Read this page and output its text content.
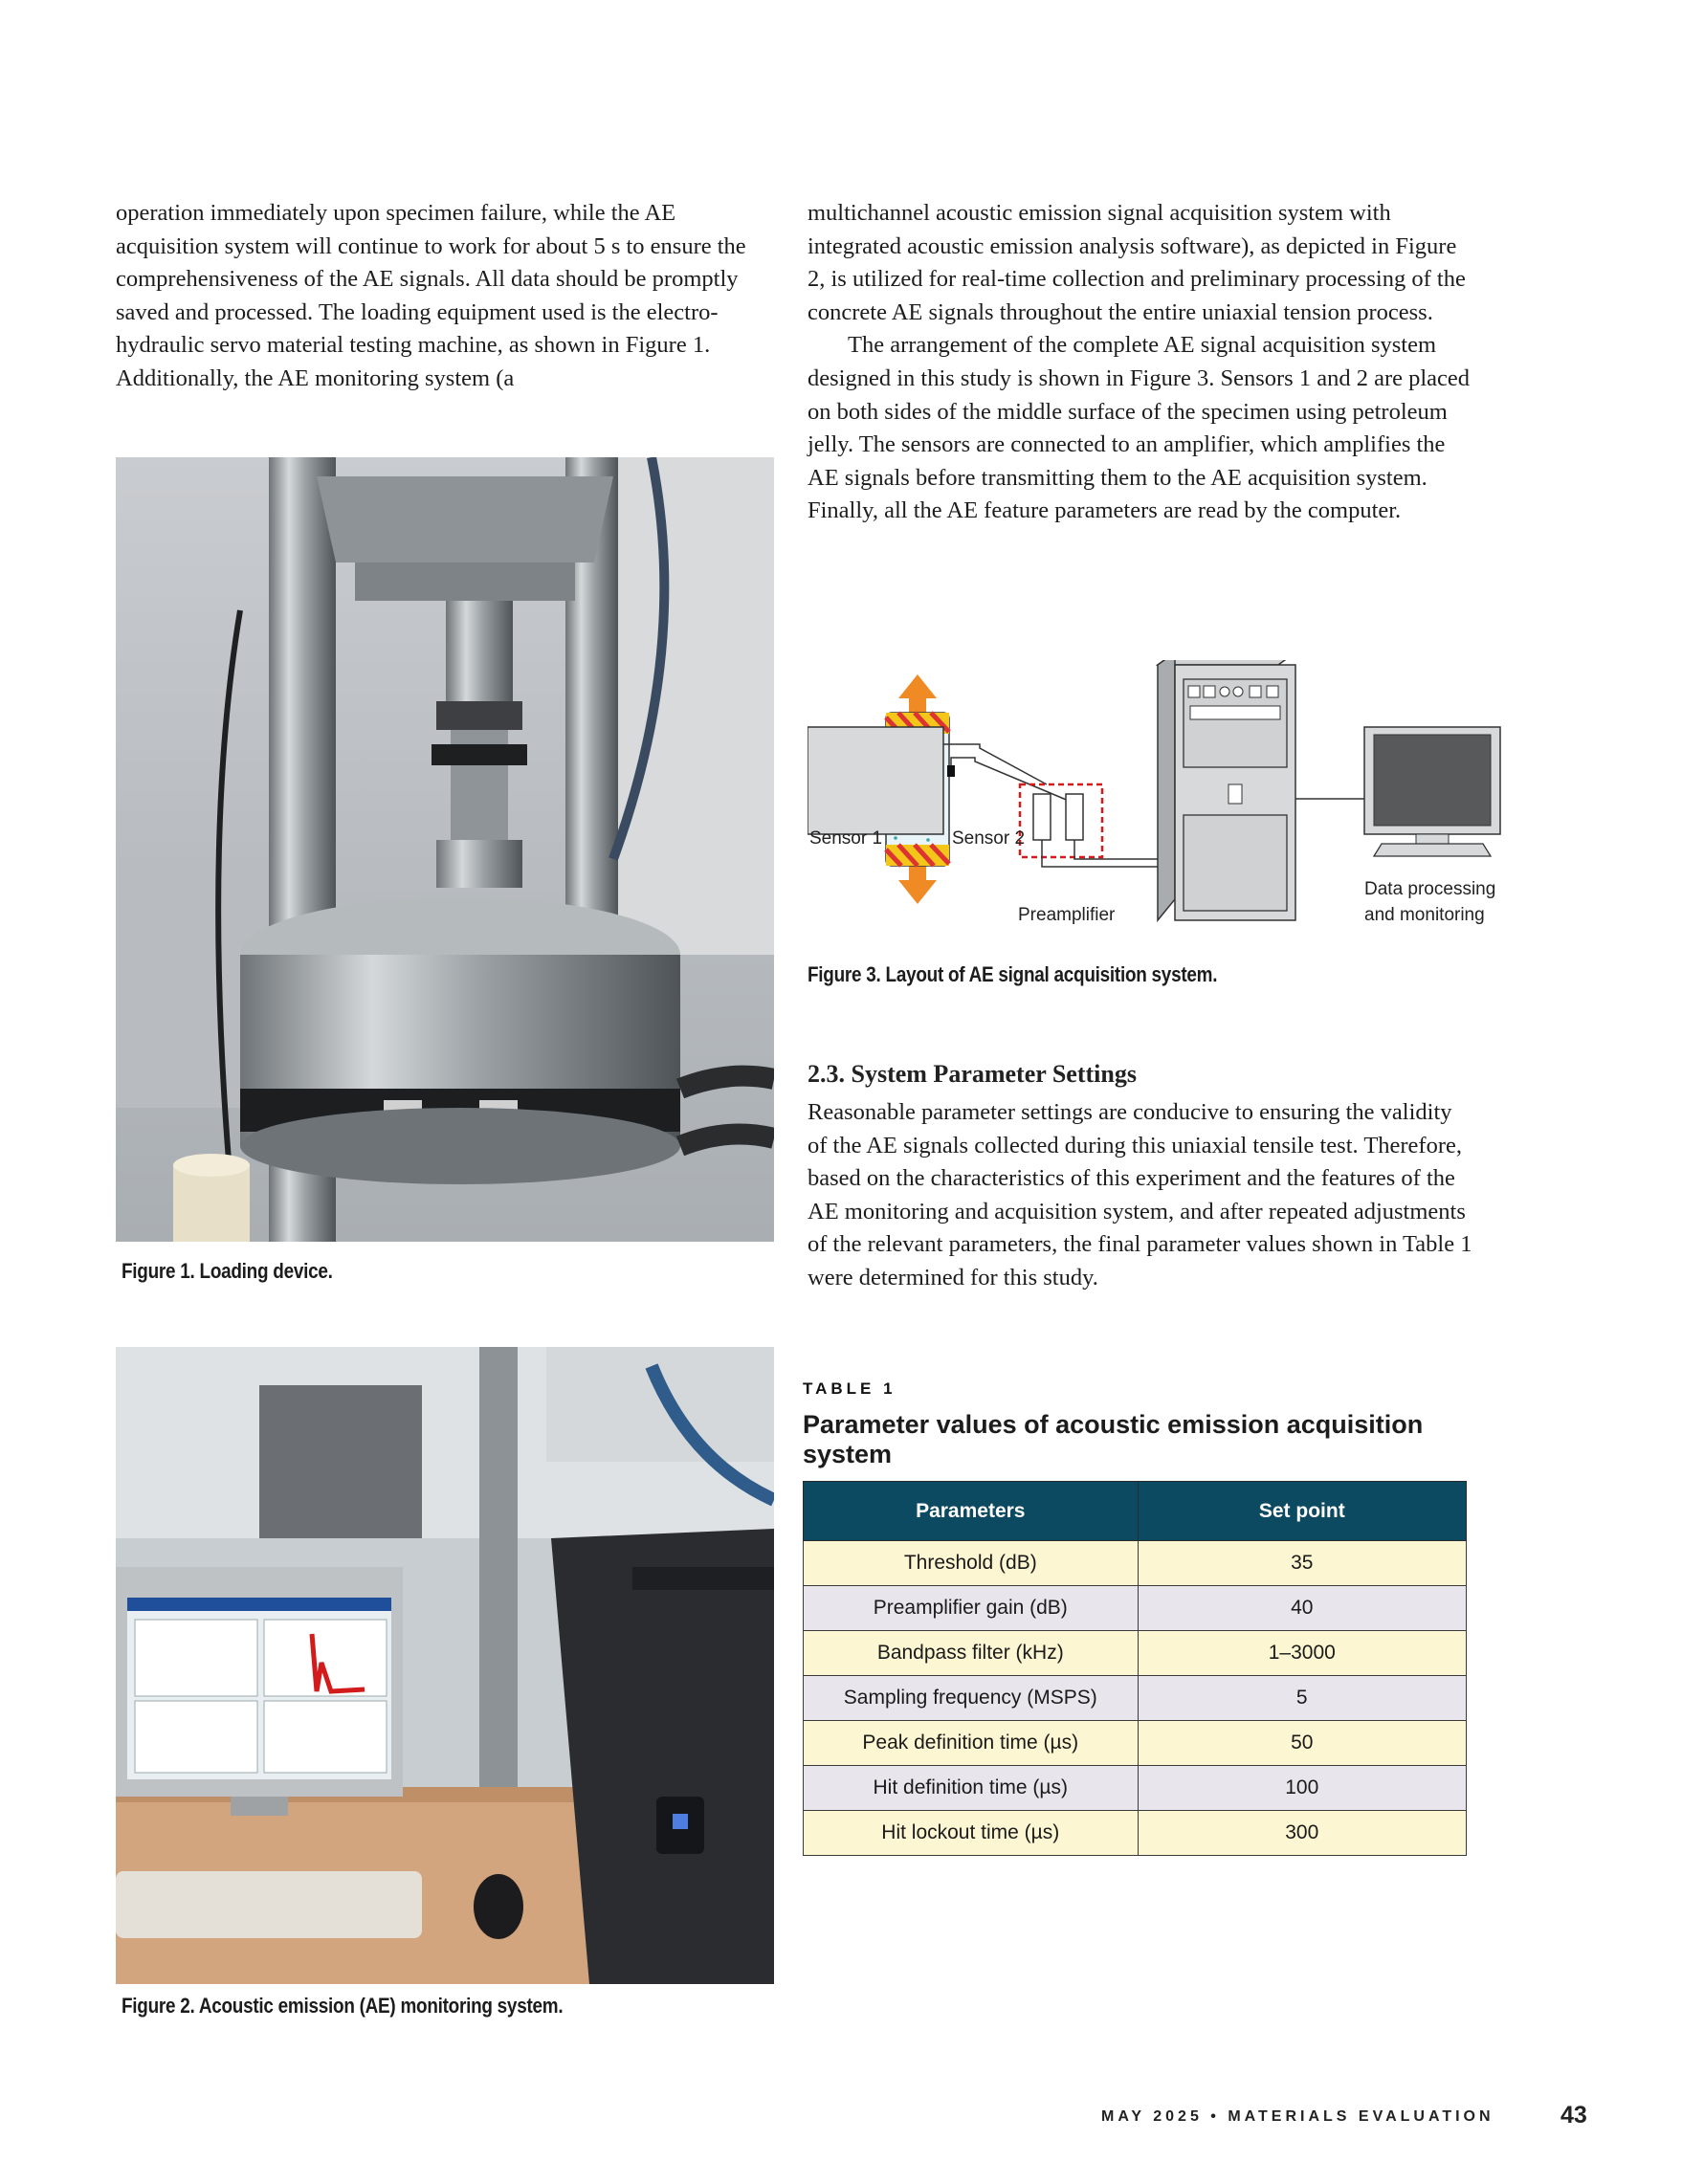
operation immediately upon specimen failure, while the AE acquisition system will continue to work for about 5 s to ensure the comprehensiveness of the AE signals. All data should be promptly saved and processed. The loading equipment used is the electro-hydraulic servo material testing machine, as shown in Figure 1. Additionally, the AE monitoring system (a

Figure 1. Loading device.
Figure 2. Acoustic emission (AE) monitoring system.

multichannel acoustic emission signal acquisition system with integrated acoustic emission analysis software), as depicted in Figure 2, is utilized for real-time collection and preliminary processing of the concrete AE signals throughout the entire uniaxial tension process.

The arrangement of the complete AE signal acquisition system designed in this study is shown in Figure 3. Sensors 1 and 2 are placed on both sides of the middle surface of the specimen using petroleum jelly. The sensors are connected to an amplifier, which amplifies the AE signals before transmitting them to the AE acquisition system. Finally, all the AE feature parameters are read by the computer.

Sensor 1	Sensor 2
Preamplifier
Data processing
and monitoring
Figure 3. Layout of AE signal acquisition system.
2.3. System Parameter Settings

Reasonable parameter settings are conducive to ensuring the validity of the AE signals collected during this uniaxial tensile test. Therefore, based on the characteristics of this experiment and the features of the AE monitoring and acquisition system, and after repeated adjustments of the relevant parameters, the final parameter values shown in Table 1 were determined for this study.

TABLE 1
Parameter values of acoustic emission acquisition system
Parameters	Set point
Threshold (dB)	35
Preamplifier gain (dB)	40
Bandpass filter (kHz)	1–3000
Sampling frequency (MSPS)	5
Peak definition time (µs)	50
Hit definition time (µs)	100
Hit lockout time (µs)	300
MAY 2025 • MATERIALS EVALUATION	43
